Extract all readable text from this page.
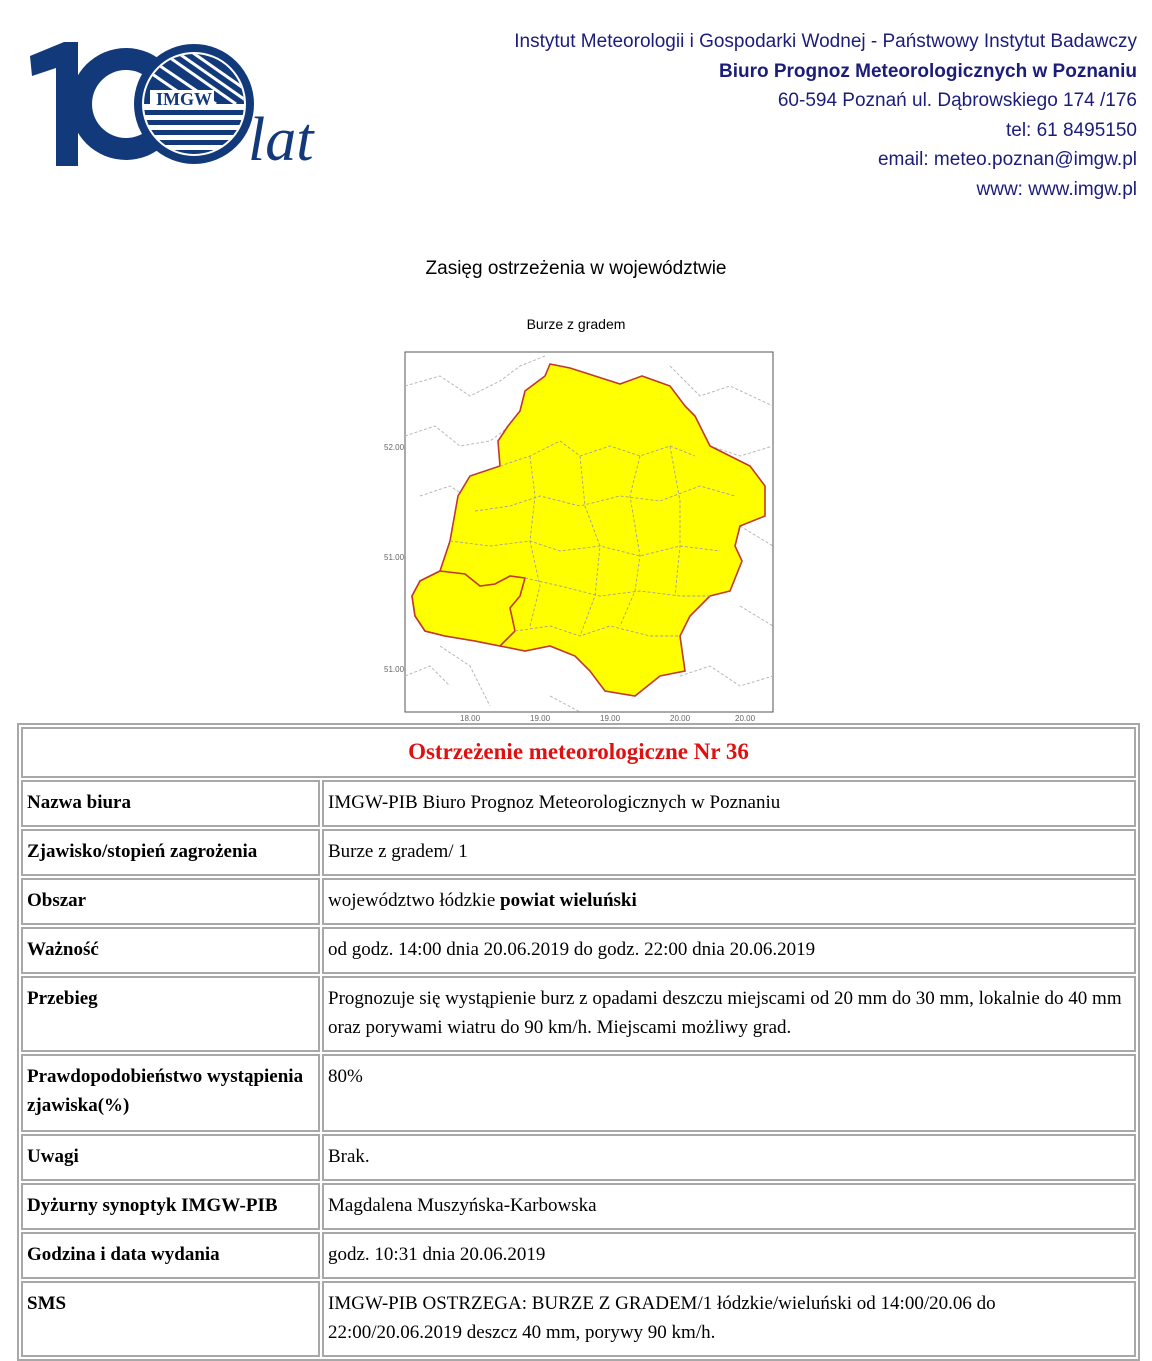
IMGW
lat
Instytut Meteorologii i Gospodarki Wodnej - Państwowy Instytut Badawczy
Biuro Prognoz Meteorologicznych w Poznaniu
60-594 Poznań ul. Dąbrowskiego 174 /176
tel: 61 8495150
email: meteo.poznan@imgw.pl
www: www.imgw.pl
Zasięg ostrzeżenia w województwie
Burze z gradem
52.00
51.00
51.00
18.00	19.00	19.00	20.00	20.00
Ostrzeżenie meteorologiczne Nr 36	
Nazwa biura	IMGW-PIB Biuro Prognoz Meteorologicznych w Poznaniu
Zjawisko/stopień zagrożenia	Burze z gradem/ 1
Obszar	województwo łódzkie powiat wieluński
Ważność	od godz. 14:00 dnia 20.06.2019 do godz. 22:00 dnia 20.06.2019
Przebieg	Prognozuje się wystąpienie burz z opadami deszczu miejscami od 20 mm do 30 mm, lokalnie do 40 mm oraz porywami wiatru do 90 km/h. Miejscami możliwy grad.
Prawdopodobieństwo wystąpienia zjawiska(%)	80%
Uwagi	Brak.
Dyżurny synoptyk IMGW-PIB	Magdalena Muszyńska-Karbowska
Godzina i data wydania	godz. 10:31 dnia 20.06.2019
SMS	IMGW-PIB OSTRZEGA: BURZE Z GRADEM/1 łódzkie/wieluński od 14:00/20.06 do 22:00/20.06.2019 deszcz 40 mm, porywy 90 km/h.
